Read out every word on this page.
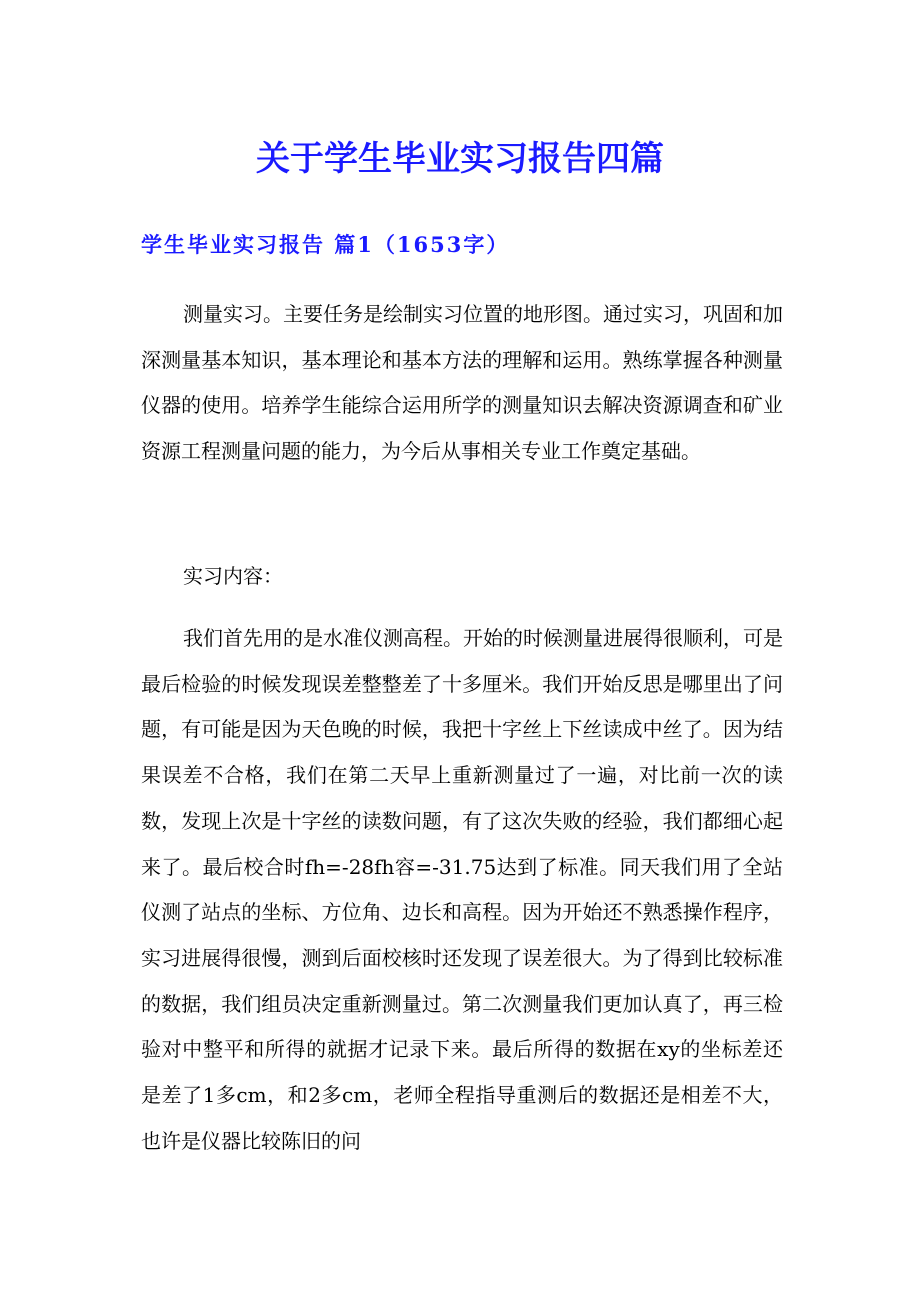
关于学生毕业实习报告四篇
学生毕业实习报告 篇1（1653字）

测量实习。主要任务是绘制实习位置的地形图。通过实习，巩固和加深测量基本知识，基本理论和基本方法的理解和运用。熟练掌握各种测量仪器的使用。培养学生能综合运用所学的测量知识去解决资源调查和矿业资源工程测量问题的能力，为今后从事相关专业工作奠定基础。

实习内容：

我们首先用的是水准仪测高程。开始的时候测量进展得很顺利，可是最后检验的时候发现误差整整差了十多厘米。我们开始反思是哪里出了问题，有可能是因为天色晚的时候，我把十字丝上下丝读成中丝了。因为结果误差不合格，我们在第二天早上重新测量过了一遍，对比前一次的读数，发现上次是十字丝的读数问题，有了这次失败的经验，我们都细心起来了。最后校合时fh=-28fh容=-31.75达到了标准。同天我们用了全站仪测了站点的坐标、方位角、边长和高程。因为开始还不熟悉操作程序，实习进展得很慢，测到后面校核时还发现了误差很大。为了得到比较标准的数据，我们组员决定重新测量过。第二次测量我们更加认真了，再三检验对中整平和所得的就据才记录下来。最后所得的数据在xy的坐标差还是差了1多cm，和2多cm，老师全程指导重测后的数据还是相差不大，也许是仪器比较陈旧的问
